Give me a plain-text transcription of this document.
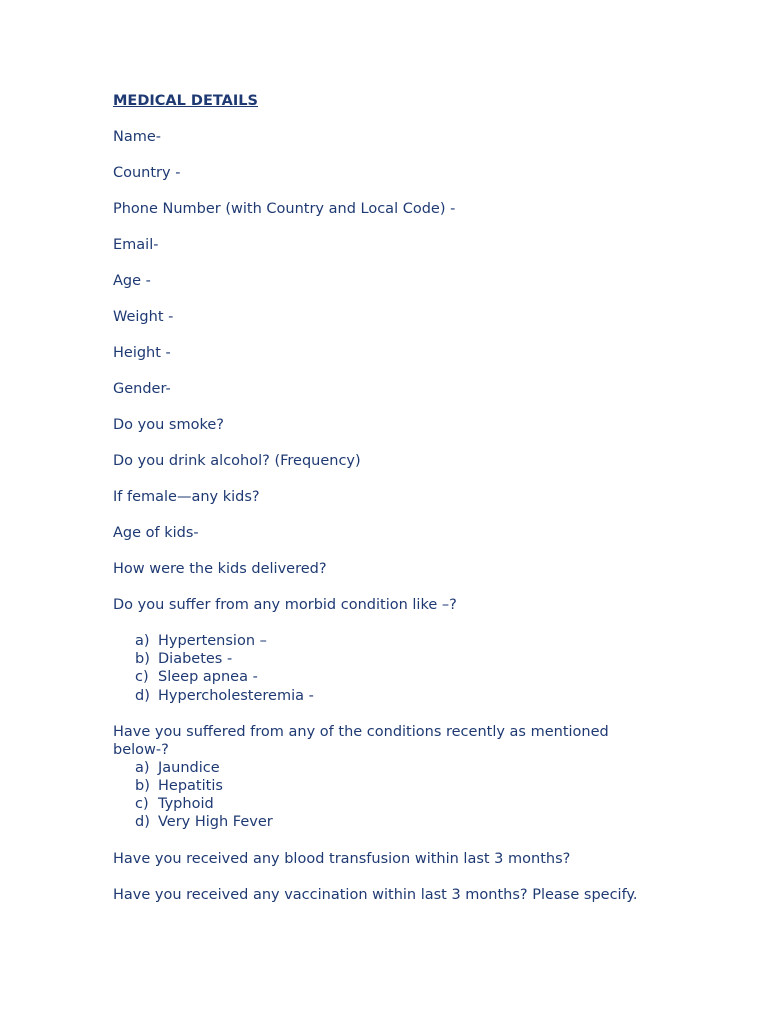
MEDICAL DETAILS

Name-

Country -

Phone Number (with Country and Local Code) -

Email-

Age -

Weight -

Height -

Gender-

Do you smoke?

Do you drink alcohol? (Frequency)

If female—any kids?

Age of kids-

How were the kids delivered?

Do you suffer from any morbid condition like –?

a) Hypertension –
b) Diabetes -
c) Sleep apnea -
d) Hypercholesteremia -

Have you suffered from any of the conditions recently as mentioned below-?

a) Jaundice
b) Hepatitis
c) Typhoid
d) Very High Fever

Have you received any blood transfusion within last 3 months?

Have you received any vaccination within last 3 months? Please specify.
